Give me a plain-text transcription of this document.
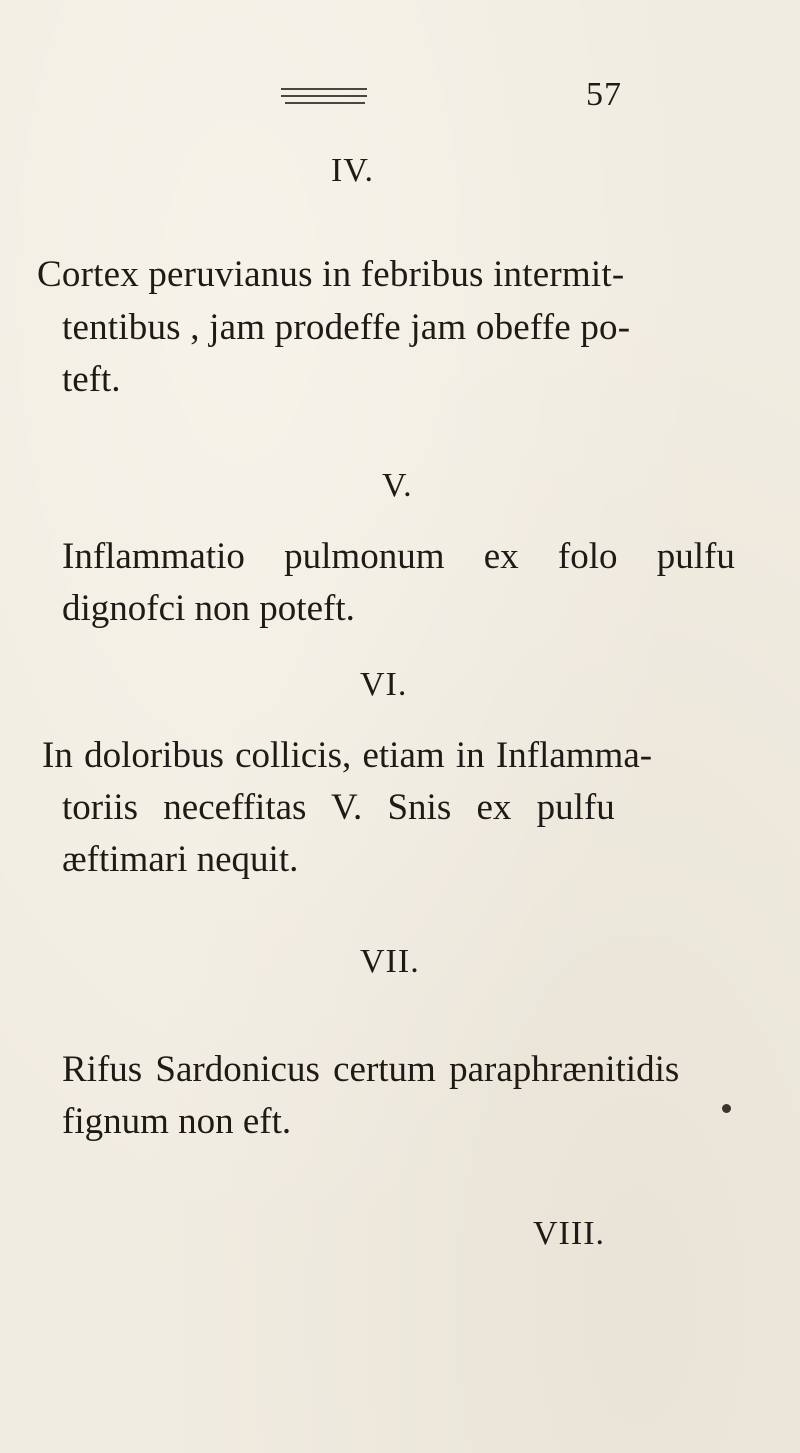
57
IV.
Cortex peruvianus in febribus intermit-
tentibus , jam prodeffe jam obeffe po-
teft.
V.
Inflammatio pulmonum ex folo pulfu
dignofci non poteft.
VI.
In doloribus collicis, etiam in Inflamma-
toriis neceffitas V. Snis ex pulfu
æftimari nequit.
VII.
Rifus Sardonicus certum paraphrænitidis
fignum non eft.
VIII.
